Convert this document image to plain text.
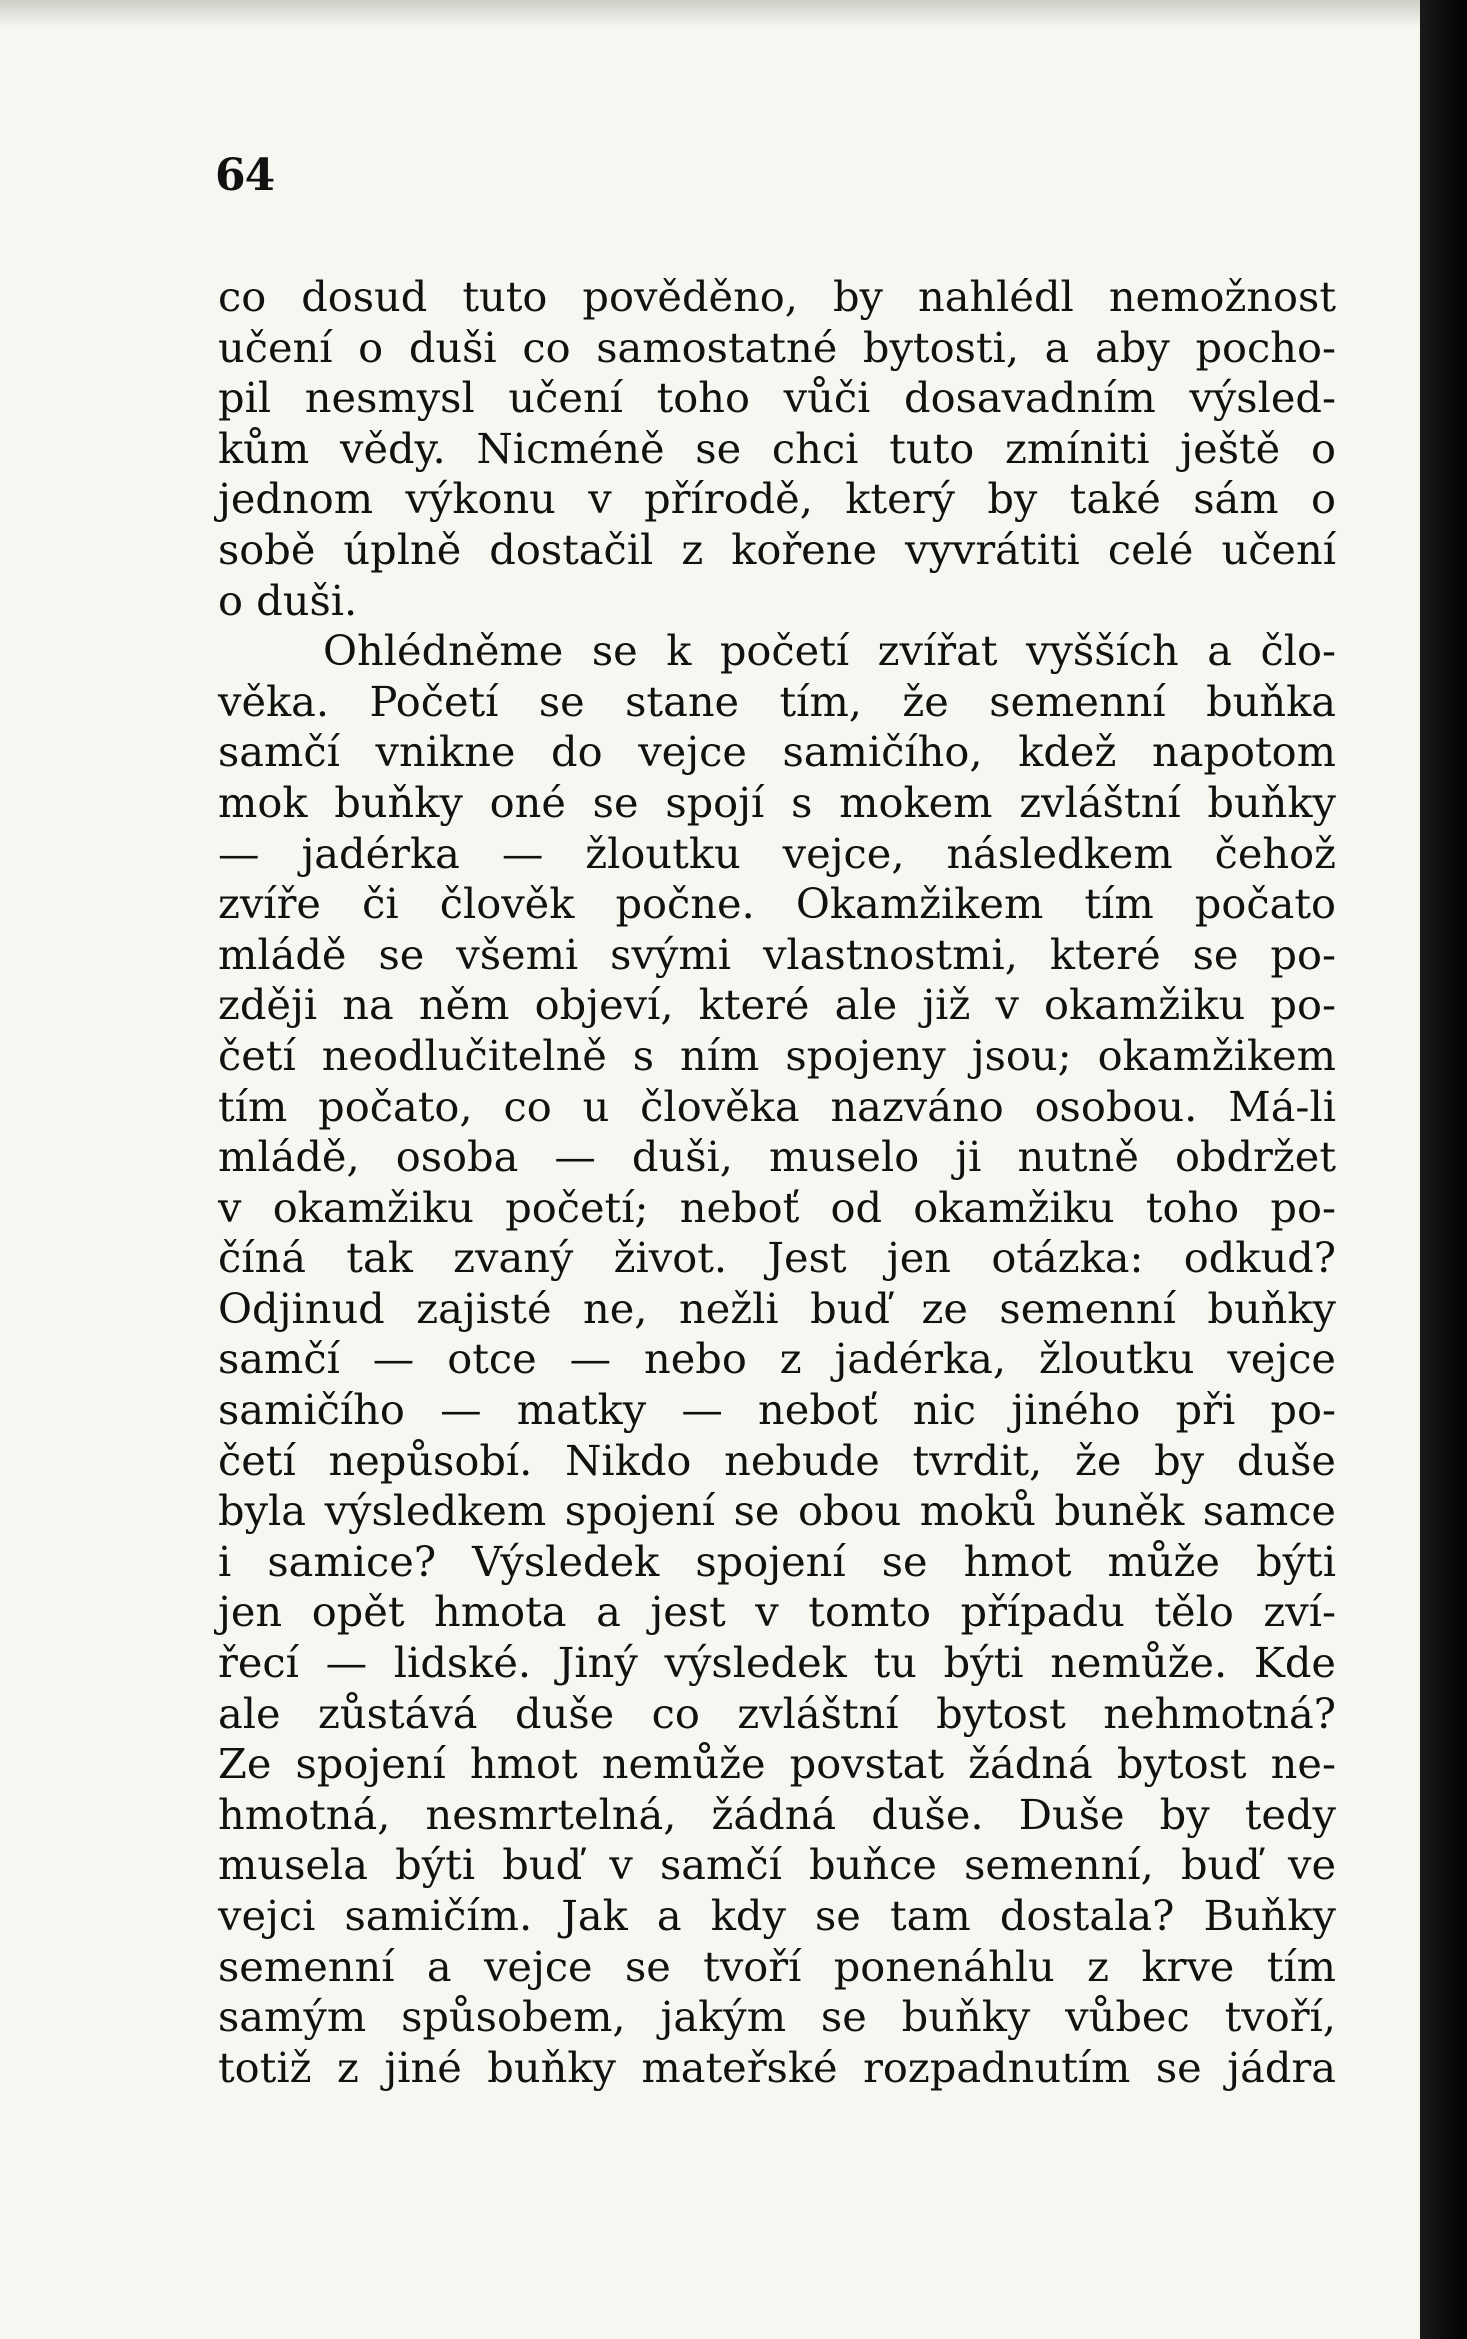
64
co dosud tuto pověděno, by nahlédl nemožnost
učení o duši co samostatné bytosti, a aby pocho-
pil nesmysl učení toho vůči dosavadním výsled-
kům vědy. Nicméně se chci tuto zmíniti ještě o
jednom výkonu v přírodě, který by také sám o
sobě úplně dostačil z kořene vyvrátiti celé učení
o duši.
Ohlédněme se k početí zvířat vyšších a člo-
věka. Početí se stane tím, že semenní buňka
samčí vnikne do vejce samičího, kdež napotom
mok buňky oné se spojí s mokem zvláštní buňky
— jadérka — žloutku vejce, následkem čehož
zvíře či člověk počne. Okamžikem tím počato
mládě se všemi svými vlastnostmi, které se po-
zději na něm objeví, které ale již v okamžiku po-
četí neodlučitelně s ním spojeny jsou; okamžikem
tím počato, co u člověka nazváno osobou. Má-li
mládě, osoba — duši, muselo ji nutně obdržet
v okamžiku početí; neboť od okamžiku toho po-
číná tak zvaný život. Jest jen otázka: odkud?
Odjinud zajisté ne, nežli buď ze semenní buňky
samčí — otce — nebo z jadérka, žloutku vejce
samičího — matky — neboť nic jiného při po-
četí nepůsobí. Nikdo nebude tvrdit, že by duše
byla výsledkem spojení se obou moků buněk samce
i samice? Výsledek spojení se hmot může býti
jen opět hmota a jest v tomto případu tělo zví-
řecí — lidské. Jiný výsledek tu býti nemůže. Kde
ale zůstává duše co zvláštní bytost nehmotná?
Ze spojení hmot nemůže povstat žádná bytost ne-
hmotná, nesmrtelná, žádná duše. Duše by tedy
musela býti buď v samčí buňce semenní, buď ve
vejci samičím. Jak a kdy se tam dostala? Buňky
semenní a vejce se tvoří ponenáhlu z krve tím
samým spůsobem, jakým se buňky vůbec tvoří,
totiž z jiné buňky mateřské rozpadnutím se jádra
